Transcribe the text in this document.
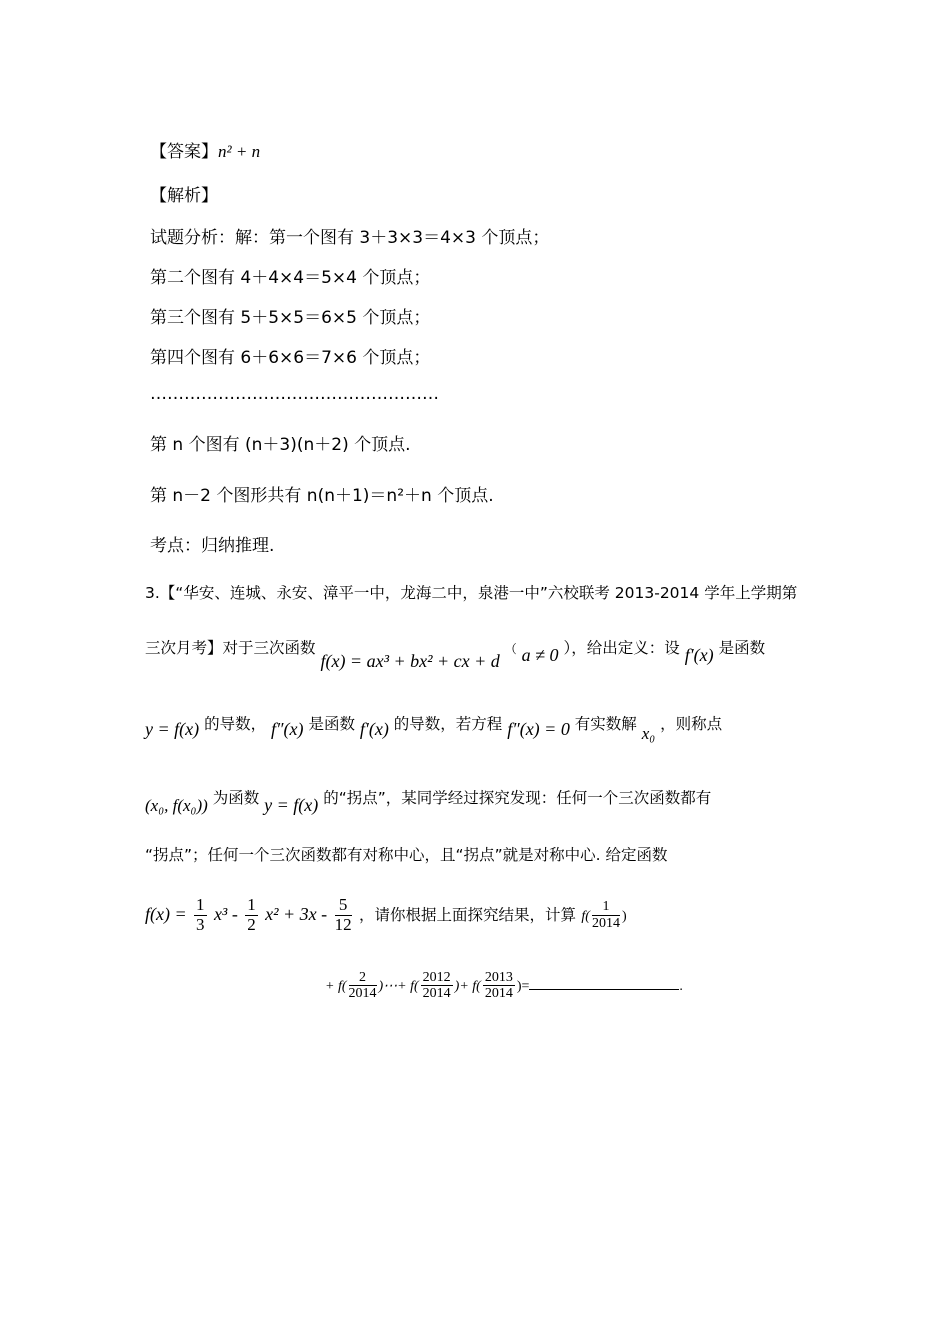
【答案】n² + n
【解析】
试题分析：解：第一个图有 3＋3×3＝4×3 个顶点；
第二个图有 4＋4×4＝5×4 个顶点；
第三个图有 5＋5×5＝6×5 个顶点；
第四个图有 6＋6×6＝7×6 个顶点；
……………………………………………
第 n 个图有 (n＋3)(n＋2) 个顶点.
第 n－2 个图形共有 n(n＋1)＝n²＋n 个顶点.
考点：归纳推理.
3.【“华安、连城、永安、漳平一中，龙海二中，泉港一中”六校联考 2013-2014 学年上学期第
三次月考】对于三次函数 f(x) = ax³ + bx² + cx + d （ a ≠ 0 ），给出定义：设 f′(x) 是函数
y = f(x) 的导数， f″(x) 是函数 f′(x) 的导数，若方程 f″(x) = 0 有实数解 x₀ ，则称点
(x₀, f(x₀)) 为函数 y = f(x) 的“拐点”，某同学经过探究发现：任何一个三次函数都有
“拐点”；任何一个三次函数都有对称中心，且“拐点”就是对称中心. 给定函数
$f(x) = \frac{1}{3} x^3 - \frac{1}{2} x^2 + 3x - \frac{5}{12}$ ，请你根据上面探究结果，计算 $f( \frac{1}{2014}$ )
+ $f( \frac{2}{2014}$ )⋯+ $f( \frac{2012}{2014}$ )+ $f( \frac{2013}{2014}$ )=	.
